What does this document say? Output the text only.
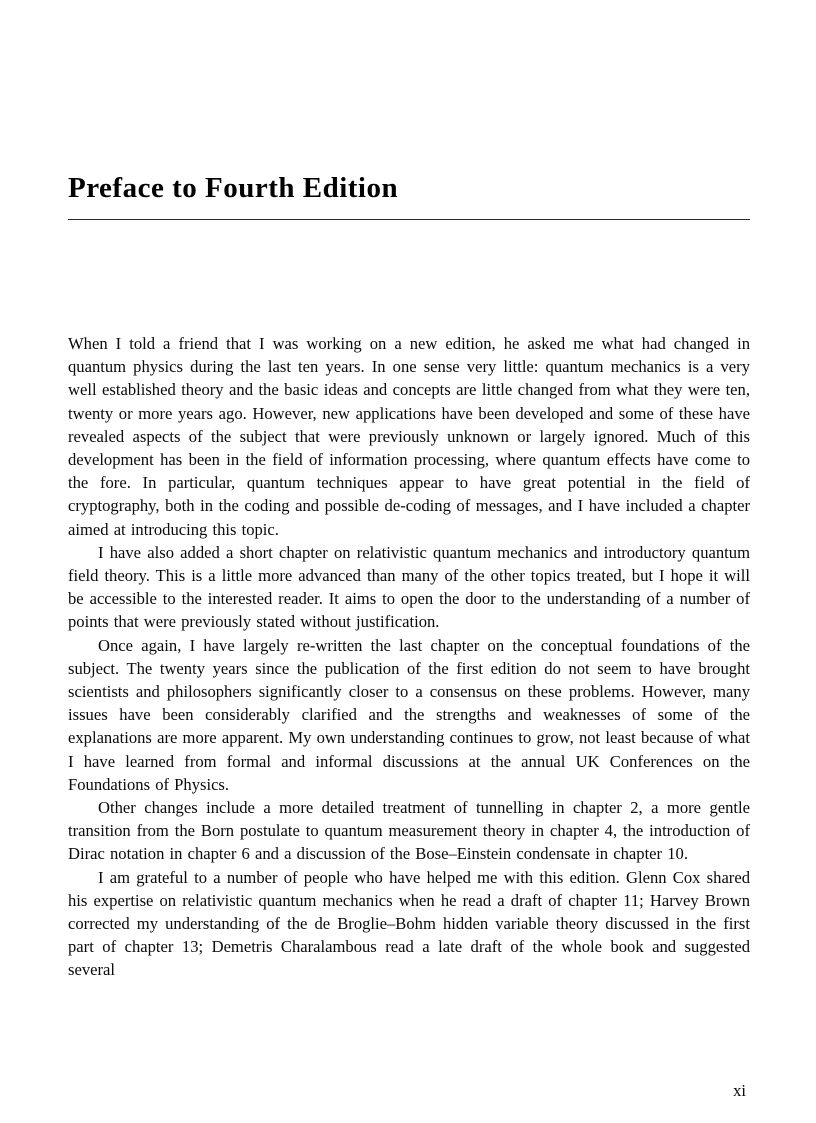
Preface to Fourth Edition

When I told a friend that I was working on a new edition, he asked me what had changed in quantum physics during the last ten years. In one sense very little: quantum mechanics is a very well established theory and the basic ideas and concepts are little changed from what they were ten, twenty or more years ago. However, new applications have been developed and some of these have revealed aspects of the subject that were previously unknown or largely ignored. Much of this development has been in the field of information processing, where quantum effects have come to the fore. In particular, quantum techniques appear to have great potential in the field of cryptography, both in the coding and possible de-coding of messages, and I have included a chapter aimed at introducing this topic.

I have also added a short chapter on relativistic quantum mechanics and introductory quantum field theory. This is a little more advanced than many of the other topics treated, but I hope it will be accessible to the interested reader. It aims to open the door to the understanding of a number of points that were previously stated without justification.

Once again, I have largely re-written the last chapter on the conceptual foundations of the subject. The twenty years since the publication of the first edition do not seem to have brought scientists and philosophers significantly closer to a consensus on these problems. However, many issues have been considerably clarified and the strengths and weaknesses of some of the explanations are more apparent. My own understanding continues to grow, not least because of what I have learned from formal and informal discussions at the annual UK Conferences on the Foundations of Physics.

Other changes include a more detailed treatment of tunnelling in chapter 2, a more gentle transition from the Born postulate to quantum measurement theory in chapter 4, the introduction of Dirac notation in chapter 6 and a discussion of the Bose–Einstein condensate in chapter 10.

I am grateful to a number of people who have helped me with this edition. Glenn Cox shared his expertise on relativistic quantum mechanics when he read a draft of chapter 11; Harvey Brown corrected my understanding of the de Broglie–Bohm hidden variable theory discussed in the first part of chapter 13; Demetris Charalambous read a late draft of the whole book and suggested several

xi
